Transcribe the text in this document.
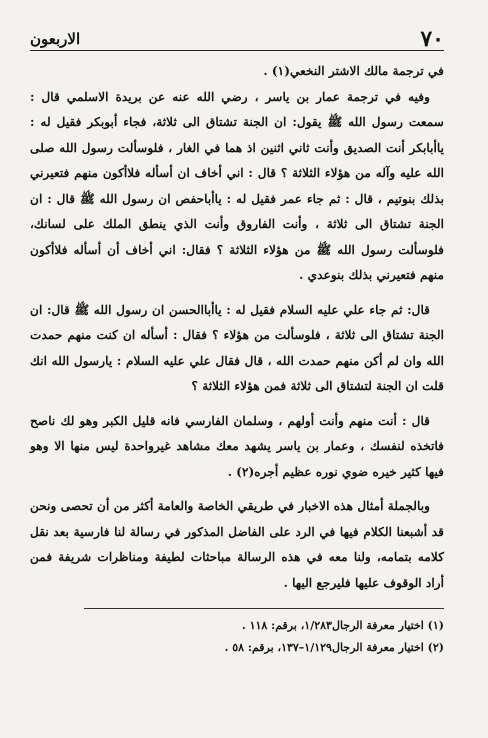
٧٠
الاربعون

في ترجمة مالك الاشتر النخعي(١) .

وفيه في ترجمة عمار بن ياسر ، رضي الله عنه عن بريدة الاسلمي قال : سمعت رسول الله ﷺ يقول: ان الجنة تشتاق الى ثلاثة، فجاء أبوبكر فقيل له : ياأبابكر أنت الصديق وأنت ثاني اثنين اذ هما في الغار ، فلوسألت رسول الله صلى الله عليه وآله من هؤلاء الثلاثة ؟ قال : اني أخاف ان أسأله فلاأكون منهم فتعيرني بذلك بنوتيم ، قال : ثم جاء عمر فقيل له : ياأباحفص ان رسول الله ﷺ قال : ان الجنة تشتاق الى ثلاثة ، وأنت الفاروق وأنت الذي ينطق الملك على لسانك، فلوسألت رسول الله ﷺ من هؤلاء الثلاثة ؟ فقال: اني أخاف أن أسأله فلاأكون منهم فتعيرني بذلك بنوعدي .

قال: ثم جاء علي عليه السلام فقيل له : ياأباالحسن ان رسول الله ﷺ قال: ان الجنة تشتاق الى ثلاثة ، فلوسألت من هؤلاء ؟ فقال : أسأله ان كنت منهم حمدت الله وان لم أكن منهم حمدت الله ، قال فقال علي عليه السلام : يارسول الله انك قلت ان الجنة لتشتاق الى ثلاثة فمن هؤلاء الثلاثة ؟

قال : أنت منهم وأنت أولهم ، وسلمان الفارسي فانه قليل الكبر وهو لك ناصح فاتخذه لنفسك ، وعمار بن ياسر يشهد معك مشاهد غيرواحدة ليس منها الا وهو فيها كثير خيره ضوي نوره عظيم أجره(٢) .

وبالجملة أمثال هذه الاخبار في طريقي الخاصة والعامة أكثر من أن تحصى ونحن قد أشبعنا الكلام فيها في الرد على الفاضل المذكور في رسالة لنا فارسية بعد نقل كلامه بتمامه، ولنا معه في هذه الرسالة مباحثات لطيفة ومناظرات شريفة فمن أراد الوقوف عليها فليرجع اليها .

(١) اختيار معرفة الرجال١/٢٨٣، برقم: ١١٨ .

(٢) اختيار معرفة الرجال١/١٢٩–١٣٧، برقم: ٥٨ .
